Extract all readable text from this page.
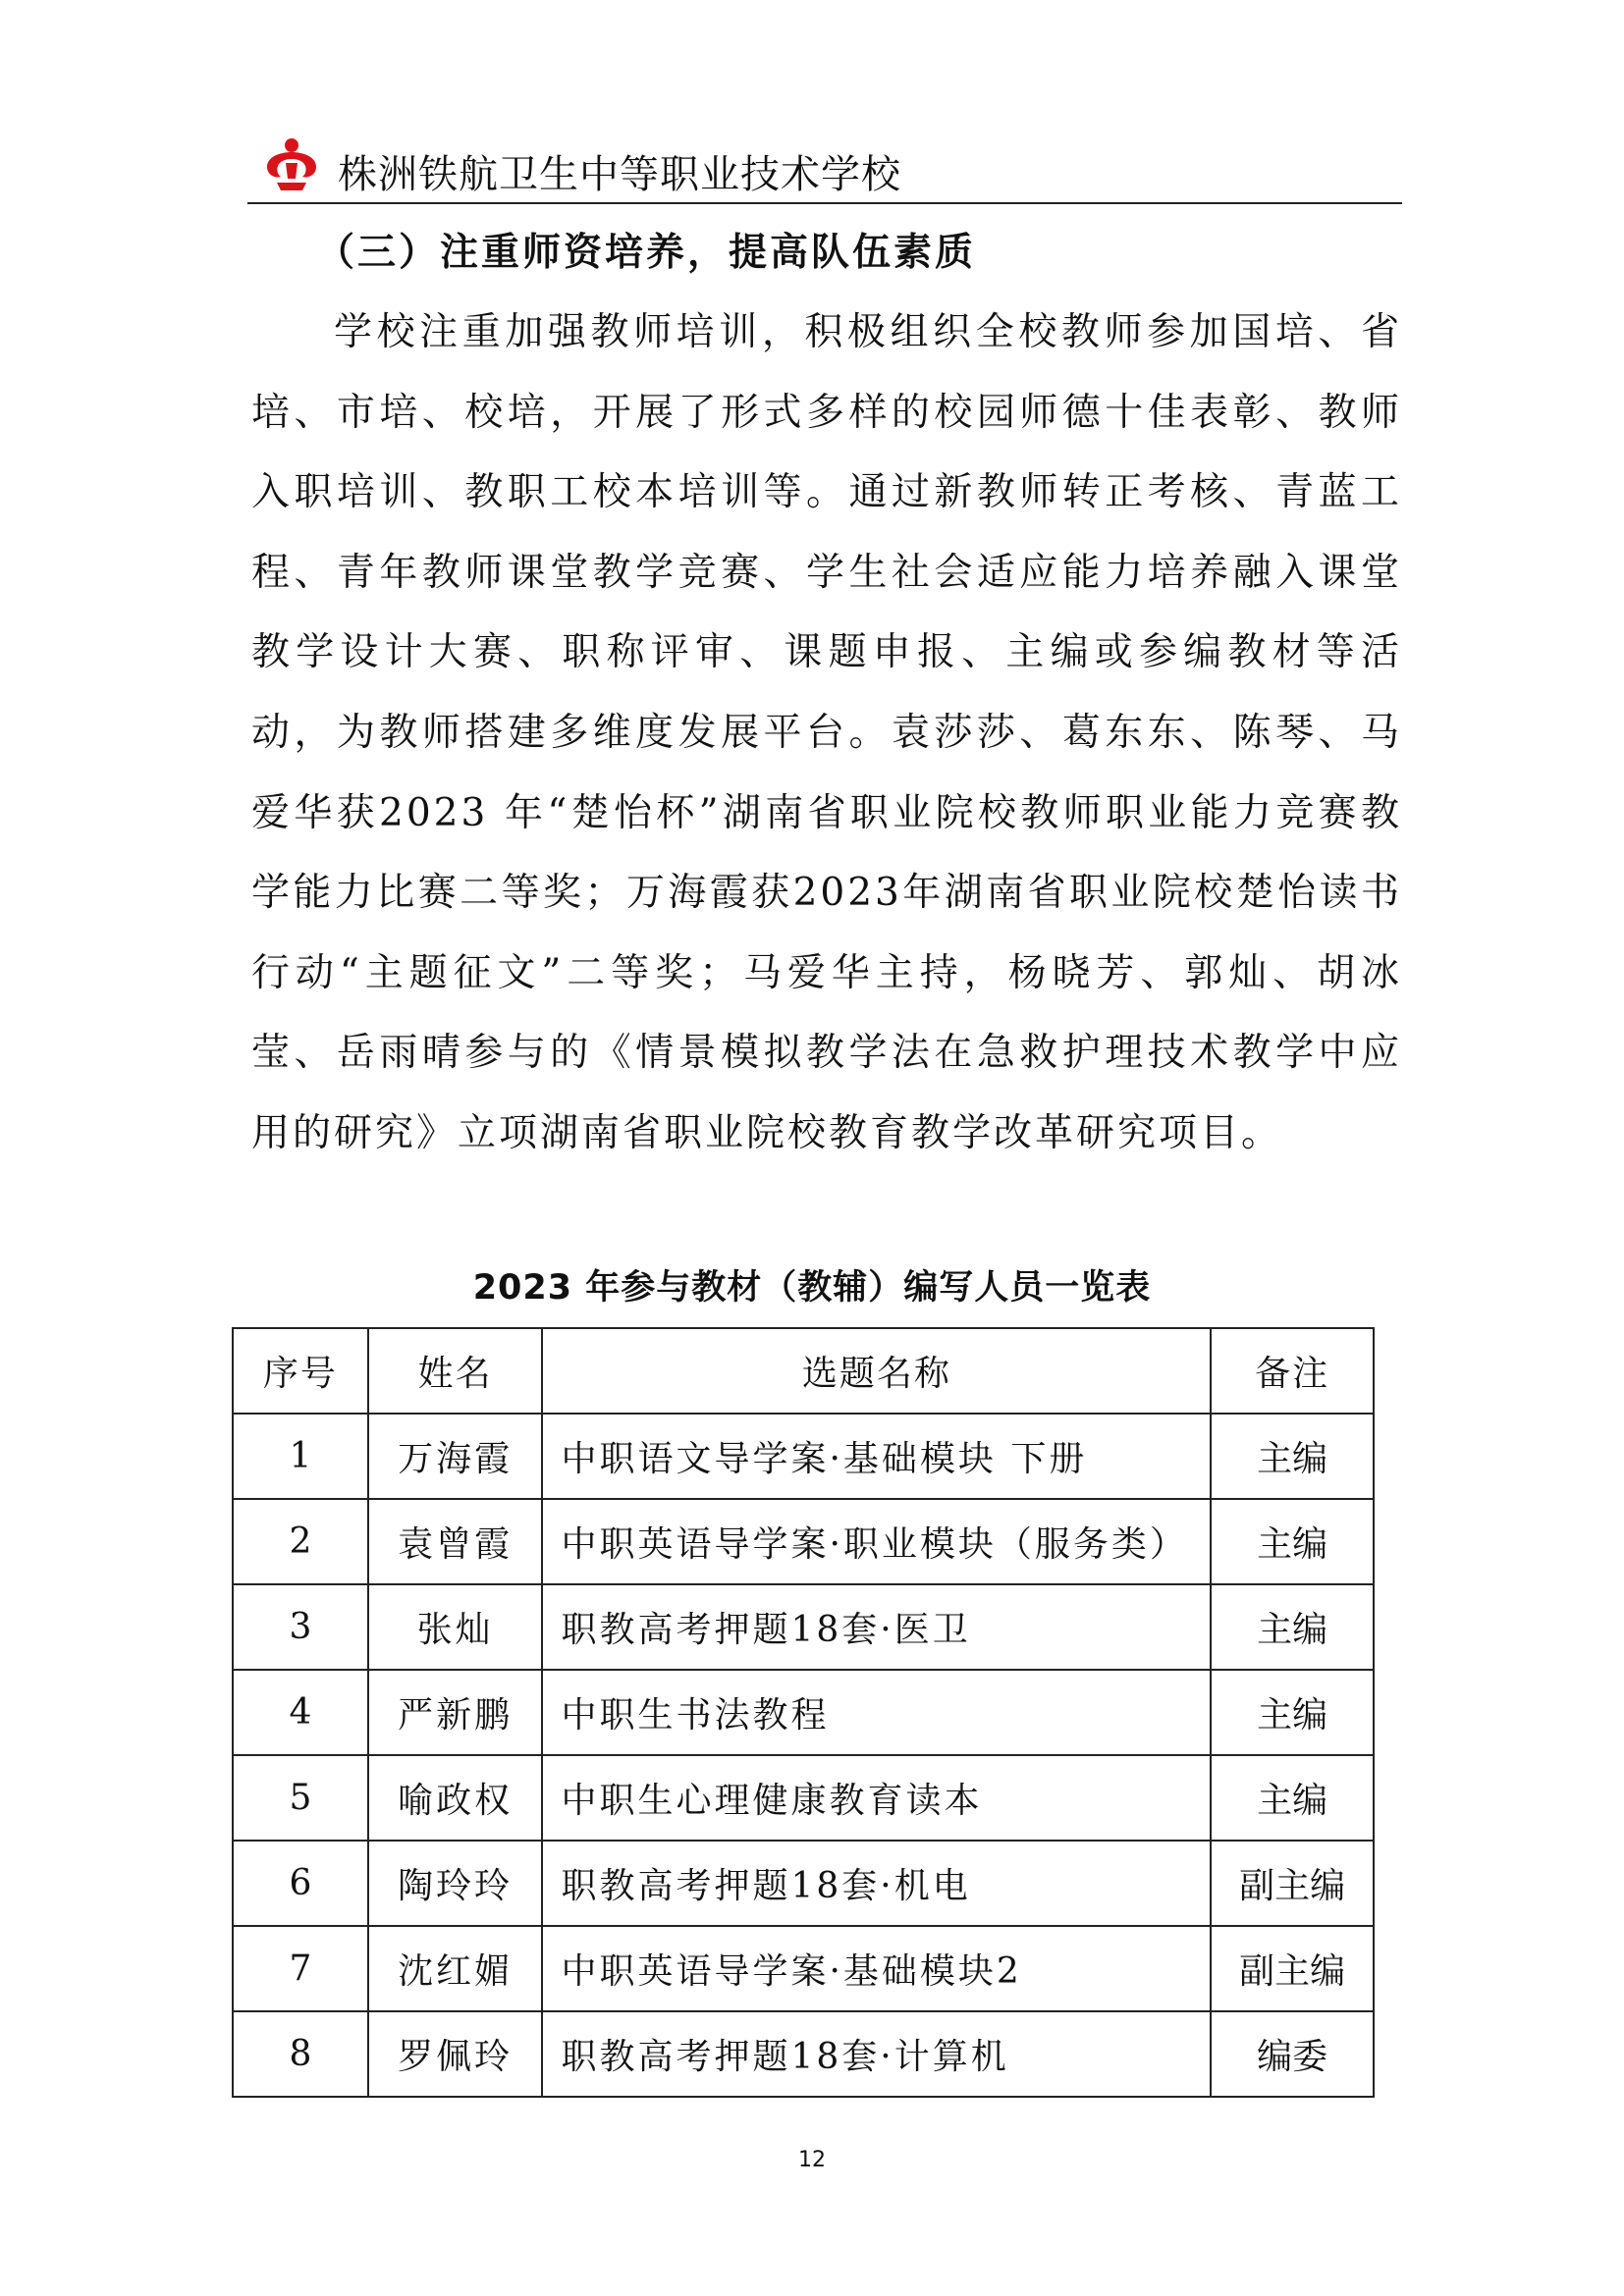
株洲铁航卫生中等职业技术学校
（三）注重师资培养，提高队伍素质

学校注重加强教师培训，积极组织全校教师参加国培、省培、市培、校培，开展了形式多样的校园师德十佳表彰、教师入职培训、教职工校本培训等。通过新教师转正考核、青蓝工程、青年教师课堂教学竞赛、学生社会适应能力培养融入课堂教学设计大赛、职称评审、课题申报、主编或参编教材等活动，为教师搭建多维度发展平台。袁莎莎、葛东东、陈琴、马爱华获2023 年“楚怡杯”湖南省职业院校教师职业能力竞赛教学能力比赛二等奖；万海霞获2023年湖南省职业院校楚怡读书行动“主题征文”二等奖；马爱华主持，杨晓芳、郭灿、胡冰莹、岳雨晴参与的《情景模拟教学法在急救护理技术教学中应用的研究》立项湖南省职业院校教育教学改革研究项目。

2023 年参与教材（教辅）编写人员一览表
序号	姓名	选题名称	备注
1	万海霞	中职语文导学案·基础模块 下册	主编
2	袁曾霞	中职英语导学案·职业模块（服务类）	主编
3	张灿	职教高考押题18套·医卫	主编
4	严新鹏	中职生书法教程	主编
5	喻政权	中职生心理健康教育读本	主编
6	陶玲玲	职教高考押题18套·机电	副主编
7	沈红媚	中职英语导学案·基础模块2	副主编
8	罗佩玲	职教高考押题18套·计算机	编委
12
